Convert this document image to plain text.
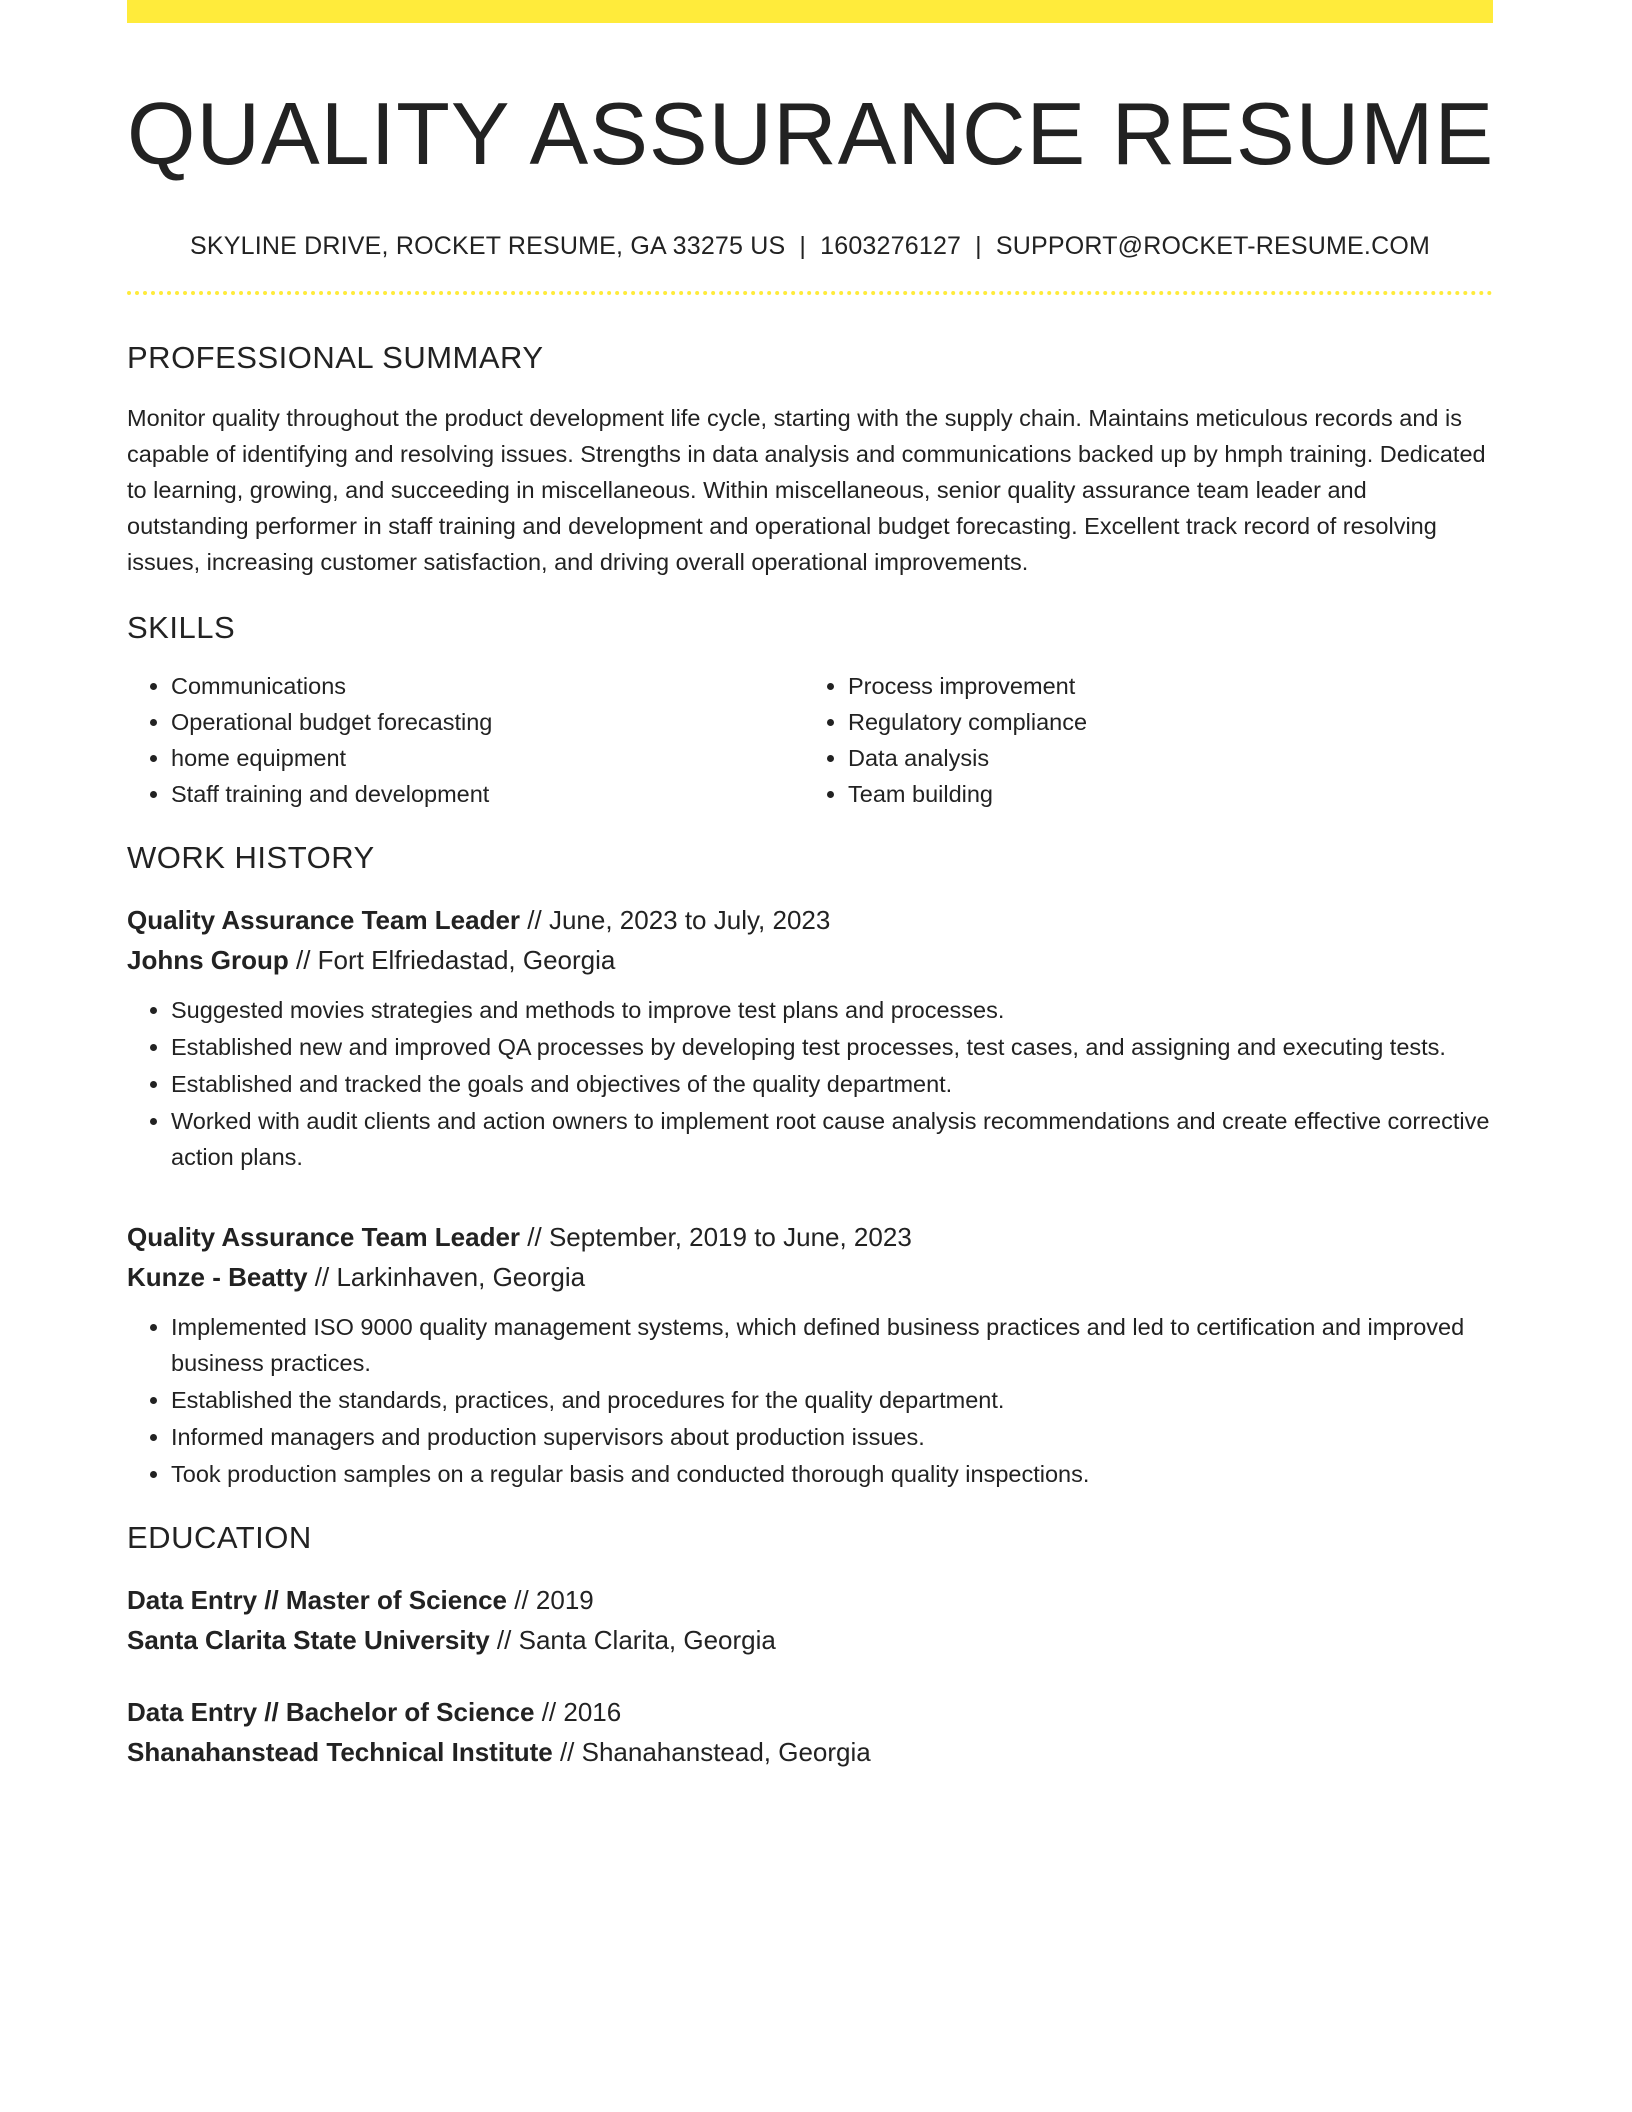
QUALITY ASSURANCE RESUME
SKYLINE DRIVE, ROCKET RESUME, GA 33275 US | 1603276127 | SUPPORT@ROCKET-RESUME.COM
PROFESSIONAL SUMMARY

Monitor quality throughout the product development life cycle, starting with the supply chain. Maintains meticulous records and is capable of identifying and resolving issues. Strengths in data analysis and communications backed up by hmph training. Dedicated to learning, growing, and succeeding in miscellaneous. Within miscellaneous, senior quality assurance team leader and outstanding performer in staff training and development and operational budget forecasting. Excellent track record of resolving issues, increasing customer satisfaction, and driving overall operational improvements.

SKILLS
• Communications
• Operational budget forecasting
• home equipment
• Staff training and development
• Process improvement
• Regulatory compliance
• Data analysis
• Team building
WORK HISTORY
Quality Assurance Team Leader // June, 2023 to July, 2023
Johns Group // Fort Elfriedastad, Georgia
• Suggested movies strategies and methods to improve test plans and processes.
• Established new and improved QA processes by developing test processes, test cases, and assigning and executing tests.
• Established and tracked the goals and objectives of the quality department.
• Worked with audit clients and action owners to implement root cause analysis recommendations and create effective corrective action plans.
Quality Assurance Team Leader // September, 2019 to June, 2023
Kunze - Beatty // Larkinhaven, Georgia
• Implemented ISO 9000 quality management systems, which defined business practices and led to certification and improved business practices.
• Established the standards, practices, and procedures for the quality department.
• Informed managers and production supervisors about production issues.
• Took production samples on a regular basis and conducted thorough quality inspections.
EDUCATION
Data Entry // Master of Science // 2019
Santa Clarita State University // Santa Clarita, Georgia
Data Entry // Bachelor of Science // 2016
Shanahanstead Technical Institute // Shanahanstead, Georgia
